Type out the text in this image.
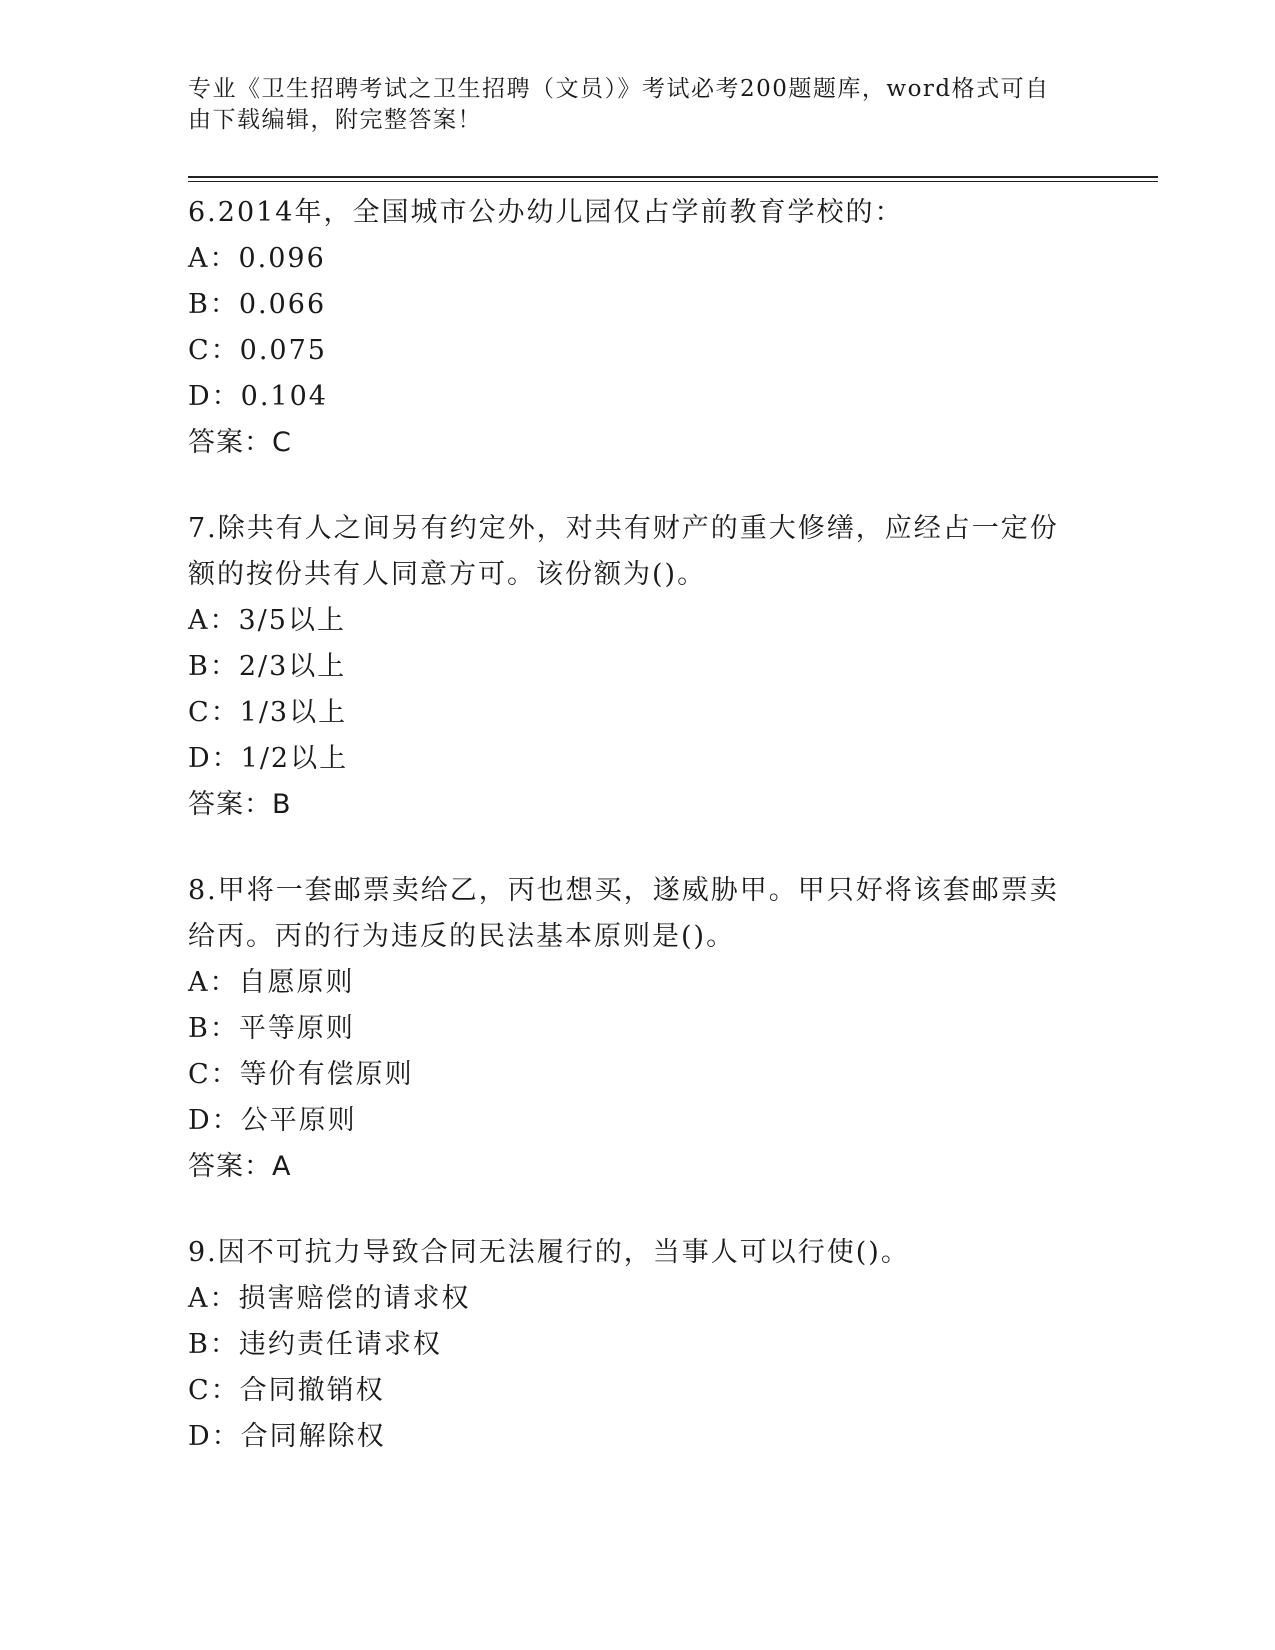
专业《卫生招聘考试之卫生招聘（文员）》考试必考200题题库，word格式可自由下载编辑，附完整答案！
6.2014年，全国城市公办幼儿园仅占学前教育学校的：
A：0.096
B：0.066
C：0.075
D：0.104
答案：C
7.除共有人之间另有约定外，对共有财产的重大修缮，应经占一定份额的按份共有人同意方可。该份额为()。
A：3/5以上
B：2/3以上
C：1/3以上
D：1/2以上
答案：B
8.甲将一套邮票卖给乙，丙也想买，遂威胁甲。甲只好将该套邮票卖给丙。丙的行为违反的民法基本原则是()。
A：自愿原则
B：平等原则
C：等价有偿原则
D：公平原则
答案：A
9.因不可抗力导致合同无法履行的，当事人可以行使()。
A：损害赔偿的请求权
B：违约责任请求权
C：合同撤销权
D：合同解除权
